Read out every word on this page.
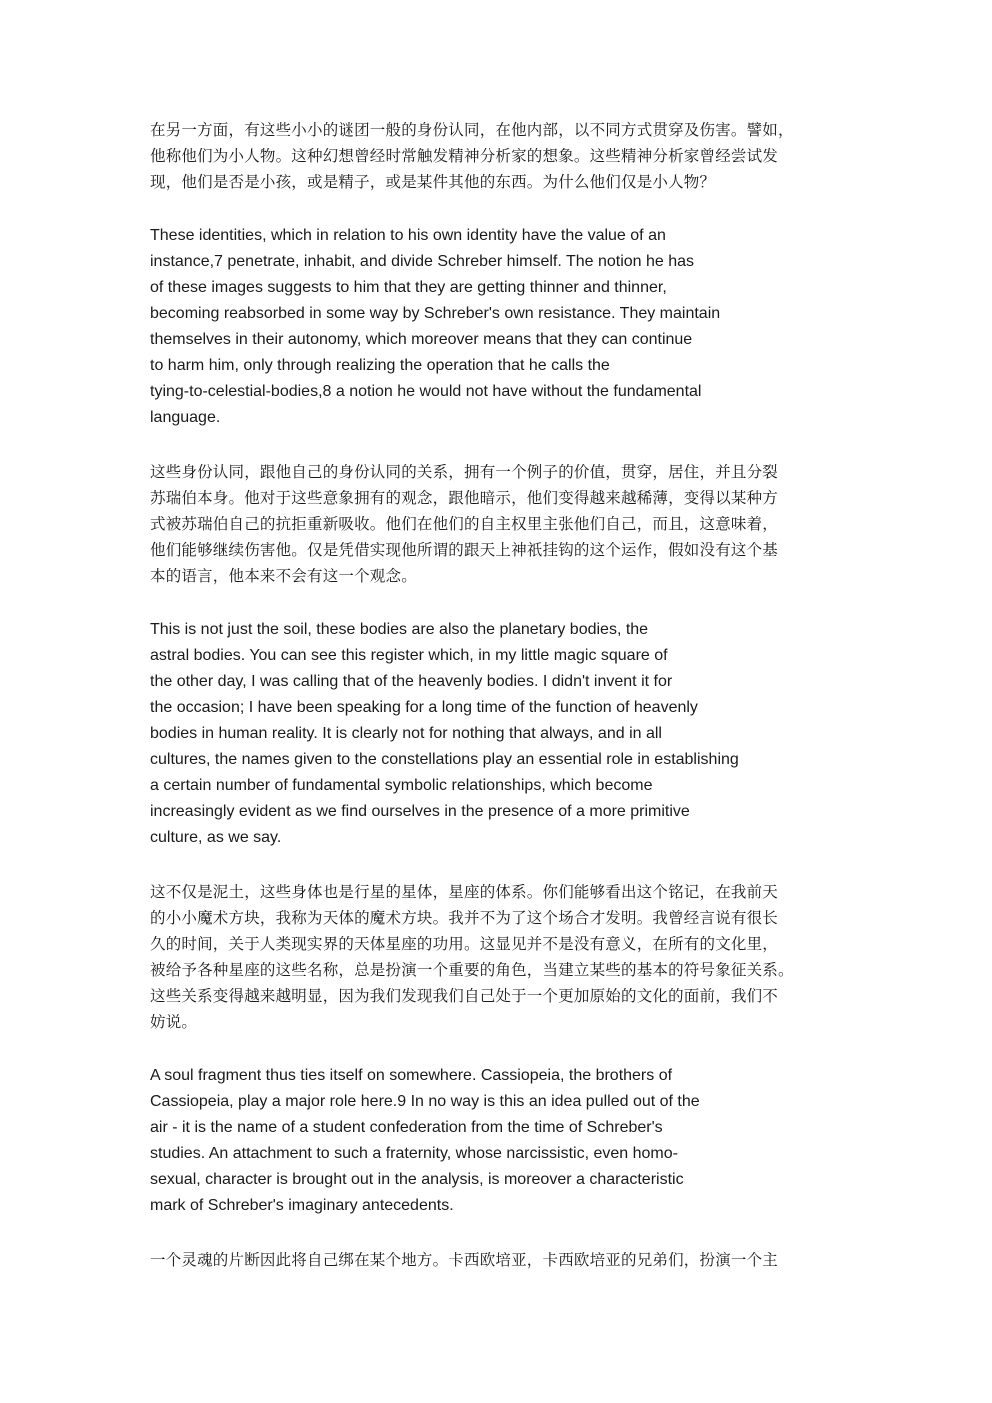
在另一方面，有这些小小的谜团一般的身份认同，在他内部，以不同方式贯穿及伤害。譬如，
他称他们为小人物。这种幻想曾经时常触发精神分析家的想象。这些精神分析家曾经尝试发
现，他们是否是小孩，或是精子，或是某件其他的东西。为什么他们仅是小人物？

These identities, which in relation to his own identity have the value of an
instance,7 penetrate, inhabit, and divide Schreber himself. The notion he has
of these images suggests to him that they are getting thinner and thinner,
becoming reabsorbed in some way by Schreber's own resistance. They maintain
themselves in their autonomy, which moreover means that they can continue
to harm him, only through realizing the operation that he calls the
tying-to-celestial-bodies,8 a notion he would not have without the fundamental
language.

这些身份认同，跟他自己的身份认同的关系，拥有一个例子的价值，贯穿，居住，并且分裂
苏瑞伯本身。他对于这些意象拥有的观念，跟他暗示，他们变得越来越稀薄，变得以某种方
式被苏瑞伯自己的抗拒重新吸收。他们在他们的自主权里主张他们自己，而且，这意味着，
他们能够继续伤害他。仅是凭借实现他所谓的跟天上神祇挂钩的这个运作，假如没有这个基
本的语言，他本来不会有这一个观念。

This is not just the soil, these bodies are also the planetary bodies, the
astral bodies. You can see this register which, in my little magic square of
the other day, I was calling that of the heavenly bodies. I didn't invent it for
the occasion; I have been speaking for a long time of the function of heavenly
bodies in human reality. It is clearly not for nothing that always, and in all
cultures, the names given to the constellations play an essential role in establishing
a certain number of fundamental symbolic relationships, which become
increasingly evident as we find ourselves in the presence of a more primitive
culture, as we say.

这不仅是泥土，这些身体也是行星的星体，星座的体系。你们能够看出这个铭记，在我前天
的小小魔术方块，我称为天体的魔术方块。我并不为了这个场合才发明。我曾经言说有很长
久的时间，关于人类现实界的天体星座的功用。这显见并不是没有意义，在所有的文化里，
被给予各种星座的这些名称，总是扮演一个重要的角色，当建立某些的基本的符号象征关系。
这些关系变得越来越明显，因为我们发现我们自己处于一个更加原始的文化的面前，我们不
妨说。

A soul fragment thus ties itself on somewhere. Cassiopeia, the brothers of
Cassiopeia, play a major role here.9 In no way is this an idea pulled out of the
air - it is the name of a student confederation from the time of Schreber's
studies. An attachment to such a fraternity, whose narcissistic, even homo-
sexual, character is brought out in the analysis, is moreover a characteristic
mark of Schreber's imaginary antecedents.

一个灵魂的片断因此将自己绑在某个地方。卡西欧培亚，卡西欧培亚的兄弟们，扮演一个主
